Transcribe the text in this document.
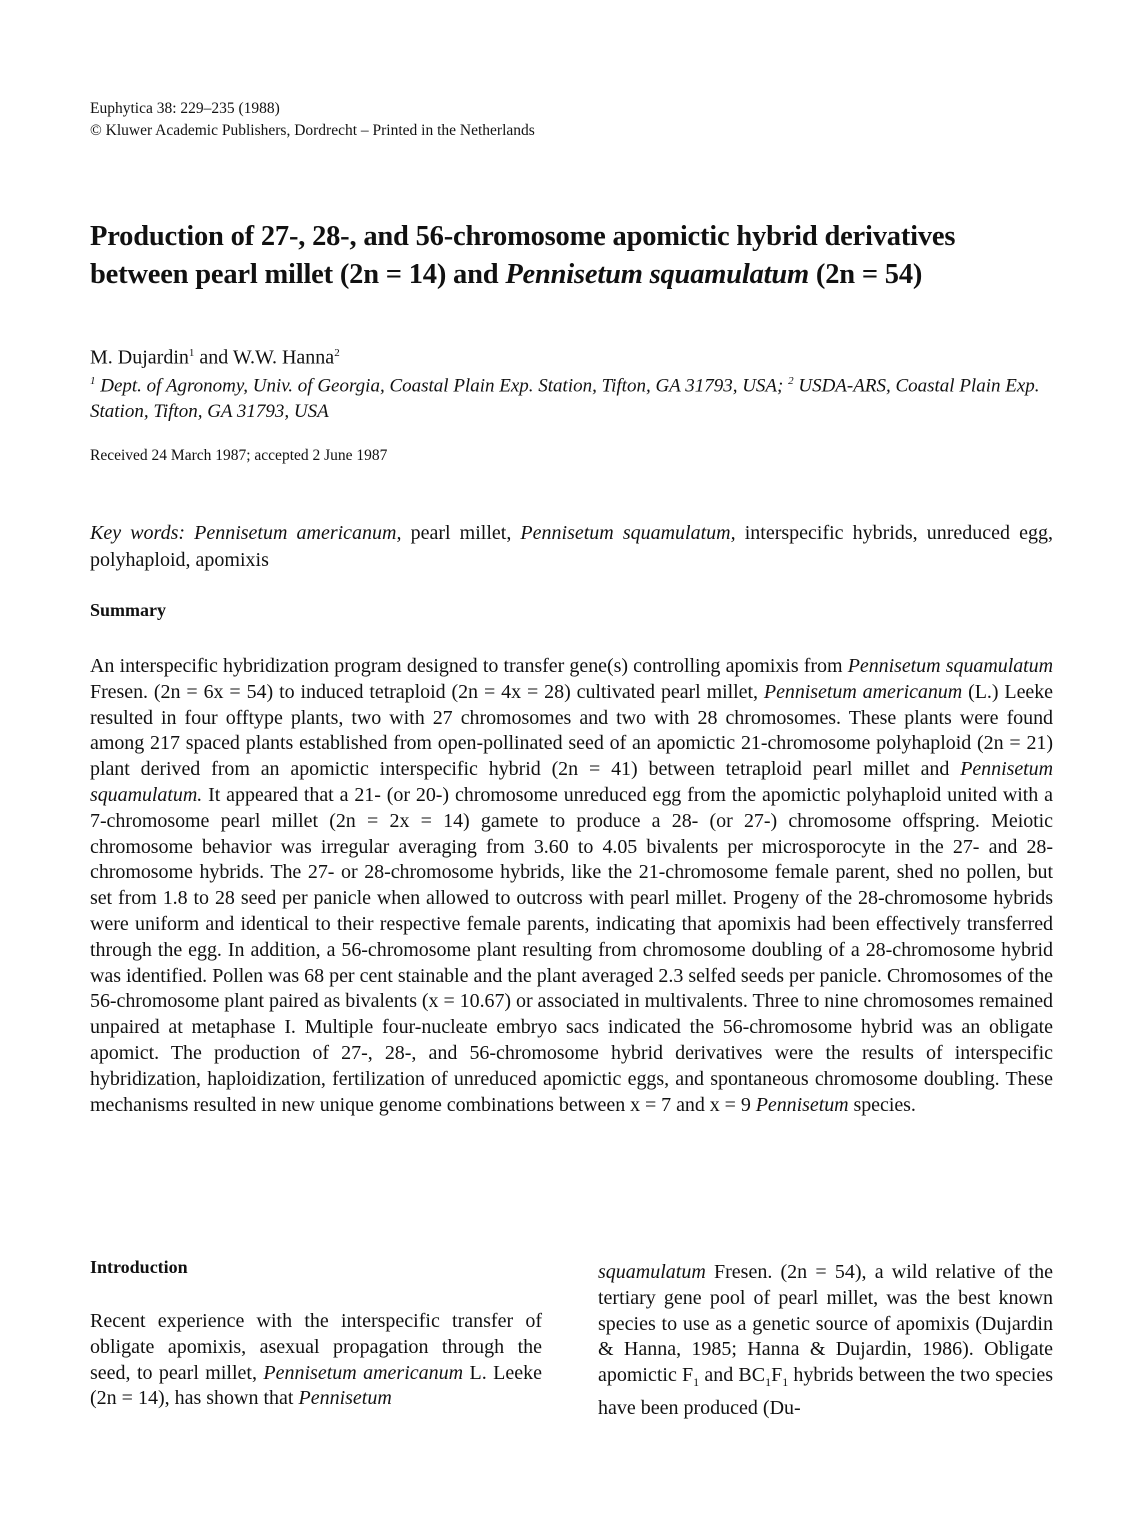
Euphytica 38: 229–235 (1988)
© Kluwer Academic Publishers, Dordrecht – Printed in the Netherlands
Production of 27-, 28-, and 56-chromosome apomictic hybrid derivatives
between pearl millet (2n = 14) and Pennisetum squamulatum (2n = 54)
M. Dujardin$^1$ and W.W. Hanna$^2$
$^1$ Dept. of Agronomy, Univ. of Georgia, Coastal Plain Exp. Station, Tifton, GA 31793, USA; $^2$ USDA-ARS, Coastal Plain Exp. Station, Tifton, GA 31793, USA
Received 24 March 1987; accepted 2 June 1987
Key words: Pennisetum americanum, pearl millet, Pennisetum squamulatum, interspecific hybrids, unreduced egg, polyhaploid, apomixis
Summary
An interspecific hybridization program designed to transfer gene(s) controlling apomixis from Pennisetum squamulatum Fresen. (2n = 6x = 54) to induced tetraploid (2n = 4x = 28) cultivated pearl millet, Pennisetum americanum (L.) Leeke resulted in four offtype plants, two with 27 chromosomes and two with 28 chromosomes. These plants were found among 217 spaced plants established from open-pollinated seed of an apomictic 21-chromosome polyhaploid (2n = 21) plant derived from an apomictic interspecific hybrid (2n = 41) between tetraploid pearl millet and Pennisetum squamulatum. It appeared that a 21- (or 20-) chromosome unreduced egg from the apomictic polyhaploid united with a 7-chromosome pearl millet (2n = 2x = 14) gamete to produce a 28- (or 27-) chromosome offspring. Meiotic chromosome behavior was irregular averaging from 3.60 to 4.05 bivalents per microsporocyte in the 27- and 28-chromosome hybrids. The 27- or 28-chromosome hybrids, like the 21-chromosome female parent, shed no pollen, but set from 1.8 to 28 seed per panicle when allowed to outcross with pearl millet. Progeny of the 28-chromosome hybrids were uniform and identical to their respective female parents, indicating that apomixis had been effectively transferred through the egg. In addition, a 56-chromosome plant resulting from chromosome doubling of a 28-chromosome hybrid was identified. Pollen was 68 per cent stainable and the plant averaged 2.3 selfed seeds per panicle. Chromosomes of the 56-chromosome plant paired as bivalents (x = 10.67) or associated in multivalents. Three to nine chromosomes remained unpaired at metaphase I. Multiple four-nucleate embryo sacs indicated the 56-chromosome hybrid was an obligate apomict. The production of 27-, 28-, and 56-chromosome hybrid derivatives were the results of interspecific hybridization, haploidization, fertilization of unreduced apomictic eggs, and spontaneous chromosome doubling. These mechanisms resulted in new unique genome combinations between x = 7 and x = 9 Pennisetum species.
Introduction
Recent experience with the interspecific transfer of obligate apomixis, asexual propagation through the seed, to pearl millet, Pennisetum americanum L. Leeke (2n = 14), has shown that Pennisetum
squamulatum Fresen. (2n = 54), a wild relative of the tertiary gene pool of pearl millet, was the best known species to use as a genetic source of apomixis (Dujardin & Hanna, 1985; Hanna & Dujardin, 1986). Obligate apomictic $F_1$ and $BC_1F_1$ hybrids between the two species have been produced (Du-
